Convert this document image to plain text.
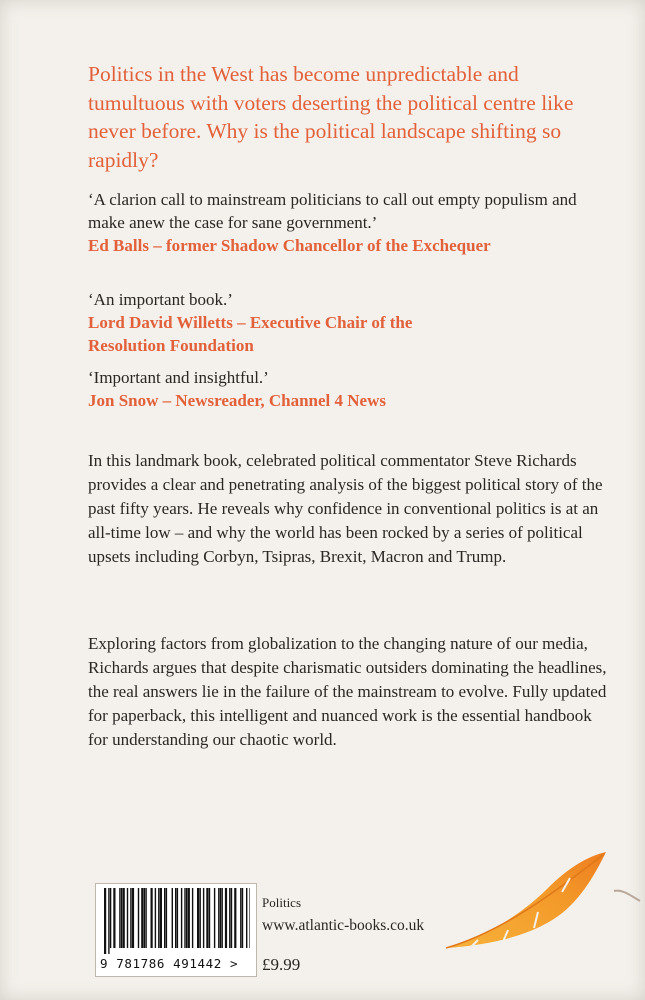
Politics in the West has become unpredictable and tumultuous with voters deserting the political centre like never before. Why is the political landscape shifting so rapidly?

‘A clarion call to mainstream politicians to call out empty populism and make anew the case for sane government.’

Ed Balls – former Shadow Chancellor of the Exchequer

‘An important book.’

Lord David Willetts – Executive Chair of the Resolution Foundation

‘Important and insightful.’

Jon Snow – Newsreader, Channel 4 News

In this landmark book, celebrated political commentator Steve Richards provides a clear and penetrating analysis of the biggest political story of the past fifty years. He reveals why confidence in conventional politics is at an all-time low – and why the world has been rocked by a series of political upsets including Corbyn, Tsipras, Brexit, Macron and Trump.

Exploring factors from globalization to the changing nature of our media, Richards argues that despite charismatic outsiders dominating the headlines, the real answers lie in the failure of the mainstream to evolve. Fully updated for paperback, this intelligent and nuanced work is the essential handbook for understanding our chaotic world.

9 781786 491442 >

Politics

www.atlantic-books.co.uk

£9.99
